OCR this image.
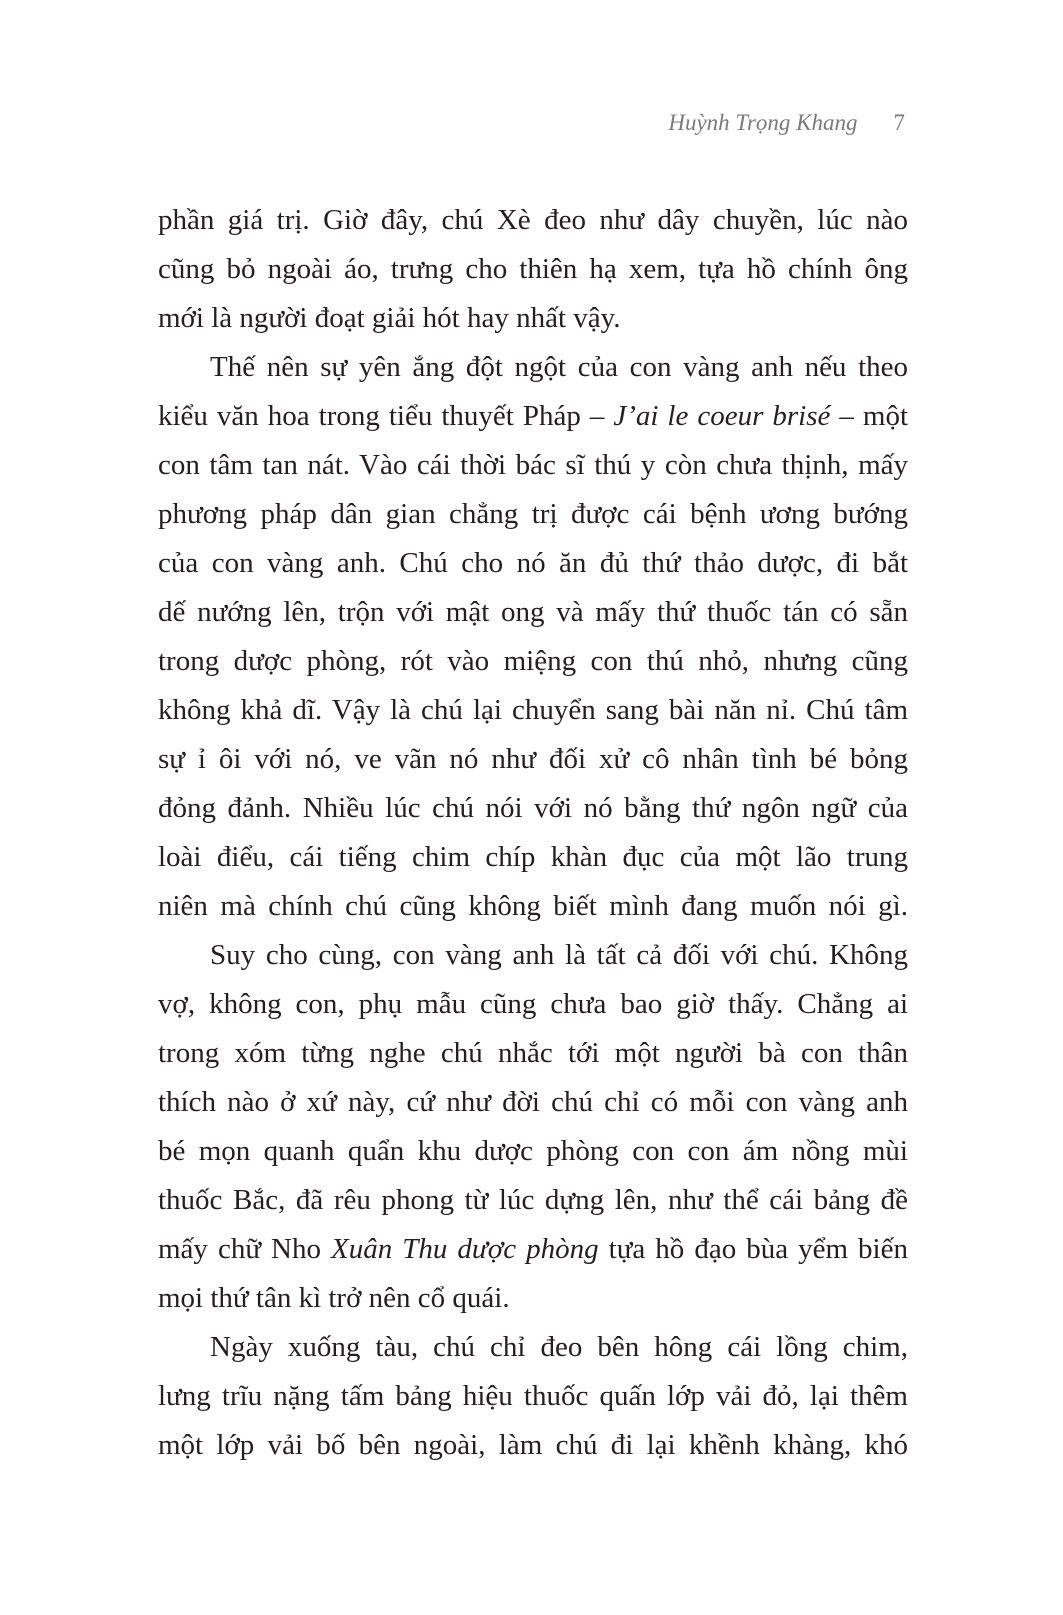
Huỳnh Trọng Khang 7
phần giá trị. Giờ đây, chú Xè đeo như dây chuyền, lúc nào
cũng bỏ ngoài áo, trưng cho thiên hạ xem, tựa hồ chính ông
mới là người đoạt giải hót hay nhất vậy.
Thế nên sự yên ắng đột ngột của con vàng anh nếu theo
kiểu văn hoa trong tiểu thuyết Pháp – J’ai le coeur brisé – một
con tâm tan nát. Vào cái thời bác sĩ thú y còn chưa thịnh, mấy
phương pháp dân gian chẳng trị được cái bệnh ương bướng
của con vàng anh. Chú cho nó ăn đủ thứ thảo dược, đi bắt
dế nướng lên, trộn với mật ong và mấy thứ thuốc tán có sẵn
trong dược phòng, rót vào miệng con thú nhỏ, nhưng cũng
không khả dĩ. Vậy là chú lại chuyển sang bài năn nỉ. Chú tâm
sự ỉ ôi với nó, ve vãn nó như đối xử cô nhân tình bé bỏng
đỏng đảnh. Nhiều lúc chú nói với nó bằng thứ ngôn ngữ của
loài điểu, cái tiếng chim chíp khàn đục của một lão trung
niên mà chính chú cũng không biết mình đang muốn nói gì.
Suy cho cùng, con vàng anh là tất cả đối với chú. Không
vợ, không con, phụ mẫu cũng chưa bao giờ thấy. Chẳng ai
trong xóm từng nghe chú nhắc tới một người bà con thân
thích nào ở xứ này, cứ như đời chú chỉ có mỗi con vàng anh
bé mọn quanh quẩn khu dược phòng con con ám nồng mùi
thuốc Bắc, đã rêu phong từ lúc dựng lên, như thể cái bảng đề
mấy chữ Nho Xuân Thu dược phòng tựa hồ đạo bùa yểm biến
mọi thứ tân kì trở nên cổ quái.
Ngày xuống tàu, chú chỉ đeo bên hông cái lồng chim,
lưng trĩu nặng tấm bảng hiệu thuốc quấn lớp vải đỏ, lại thêm
một lớp vải bố bên ngoài, làm chú đi lại khềnh khàng, khó
